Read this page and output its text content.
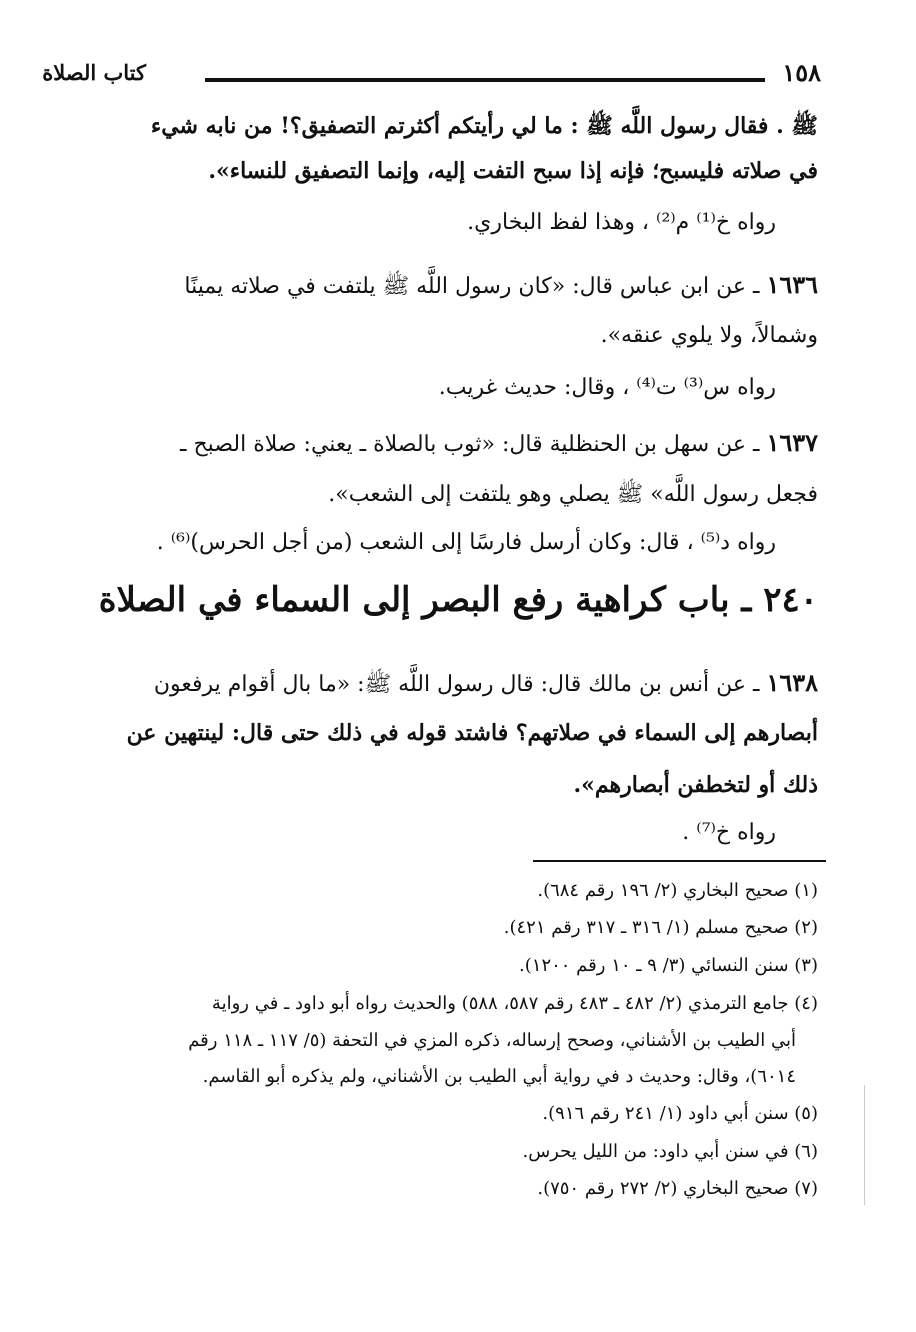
كتاب الصلاة	١٥٨
ﷺ . فقال رسول اللَّه ﷺ : ما لي رأيتكم أكثرتم التصفيق؟! من نابه شيء
في صلاته فليسبح؛ فإنه إذا سبح التفت إليه، وإنما التصفيق للنساء».
رواه خ⁽¹⁾ م⁽²⁾ ، وهذا لفظ البخاري.
١٦٣٦ ـ عن ابن عباس قال: «كان رسول اللَّه ﷺ يلتفت في صلاته يمينًا
وشمالاً، ولا يلوي عنقه».
رواه س⁽³⁾ ت⁽⁴⁾ ، وقال: حديث غريب.
١٦٣٧ ـ عن سهل بن الحنظلية قال: «ثوب بالصلاة ـ يعني: صلاة الصبح ـ
فجعل رسول اللَّه» ﷺ يصلي وهو يلتفت إلى الشعب».
رواه د⁽⁵⁾ ، قال: وكان أرسل فارسًا إلى الشعب (من أجل الحرس)⁽⁶⁾ .
٢٤٠ ـ باب كراهية رفع البصر إلى السماء في الصلاة
١٦٣٨ ـ عن أنس بن مالك قال: قال رسول اللَّه ﷺ: «ما بال أقوام يرفعون
أبصارهم إلى السماء في صلاتهم؟ فاشتد قوله في ذلك حتى قال: لينتهين عن
ذلك أو لتخطفن أبصارهم».
رواه خ⁽⁷⁾ .
(١) صحيح البخاري (٢/ ١٩٦ رقم ٦٨٤).
(٢) صحيح مسلم (١/ ٣١٦ ـ ٣١٧ رقم ٤٢١).
(٣) سنن النسائي (٣/ ٩ ـ ١٠ رقم ١٢٠٠).
(٤) جامع الترمذي (٢/ ٤٨٢ ـ ٤٨٣ رقم ٥٨٧، ٥٨٨) والحديث رواه أبو داود ـ في رواية
أبي الطيب بن الأشناني، وصحح إرساله، ذكره المزي في التحفة (٥/ ١١٧ ـ ١١٨ رقم
٦٠١٤)، وقال: وحديث د في رواية أبي الطيب بن الأشناني، ولم يذكره أبو القاسم.
(٥) سنن أبي داود (١/ ٢٤١ رقم ٩١٦).
(٦) في سنن أبي داود: من الليل يحرس.
(٧) صحيح البخاري (٢/ ٢٧٢ رقم ٧٥٠).
